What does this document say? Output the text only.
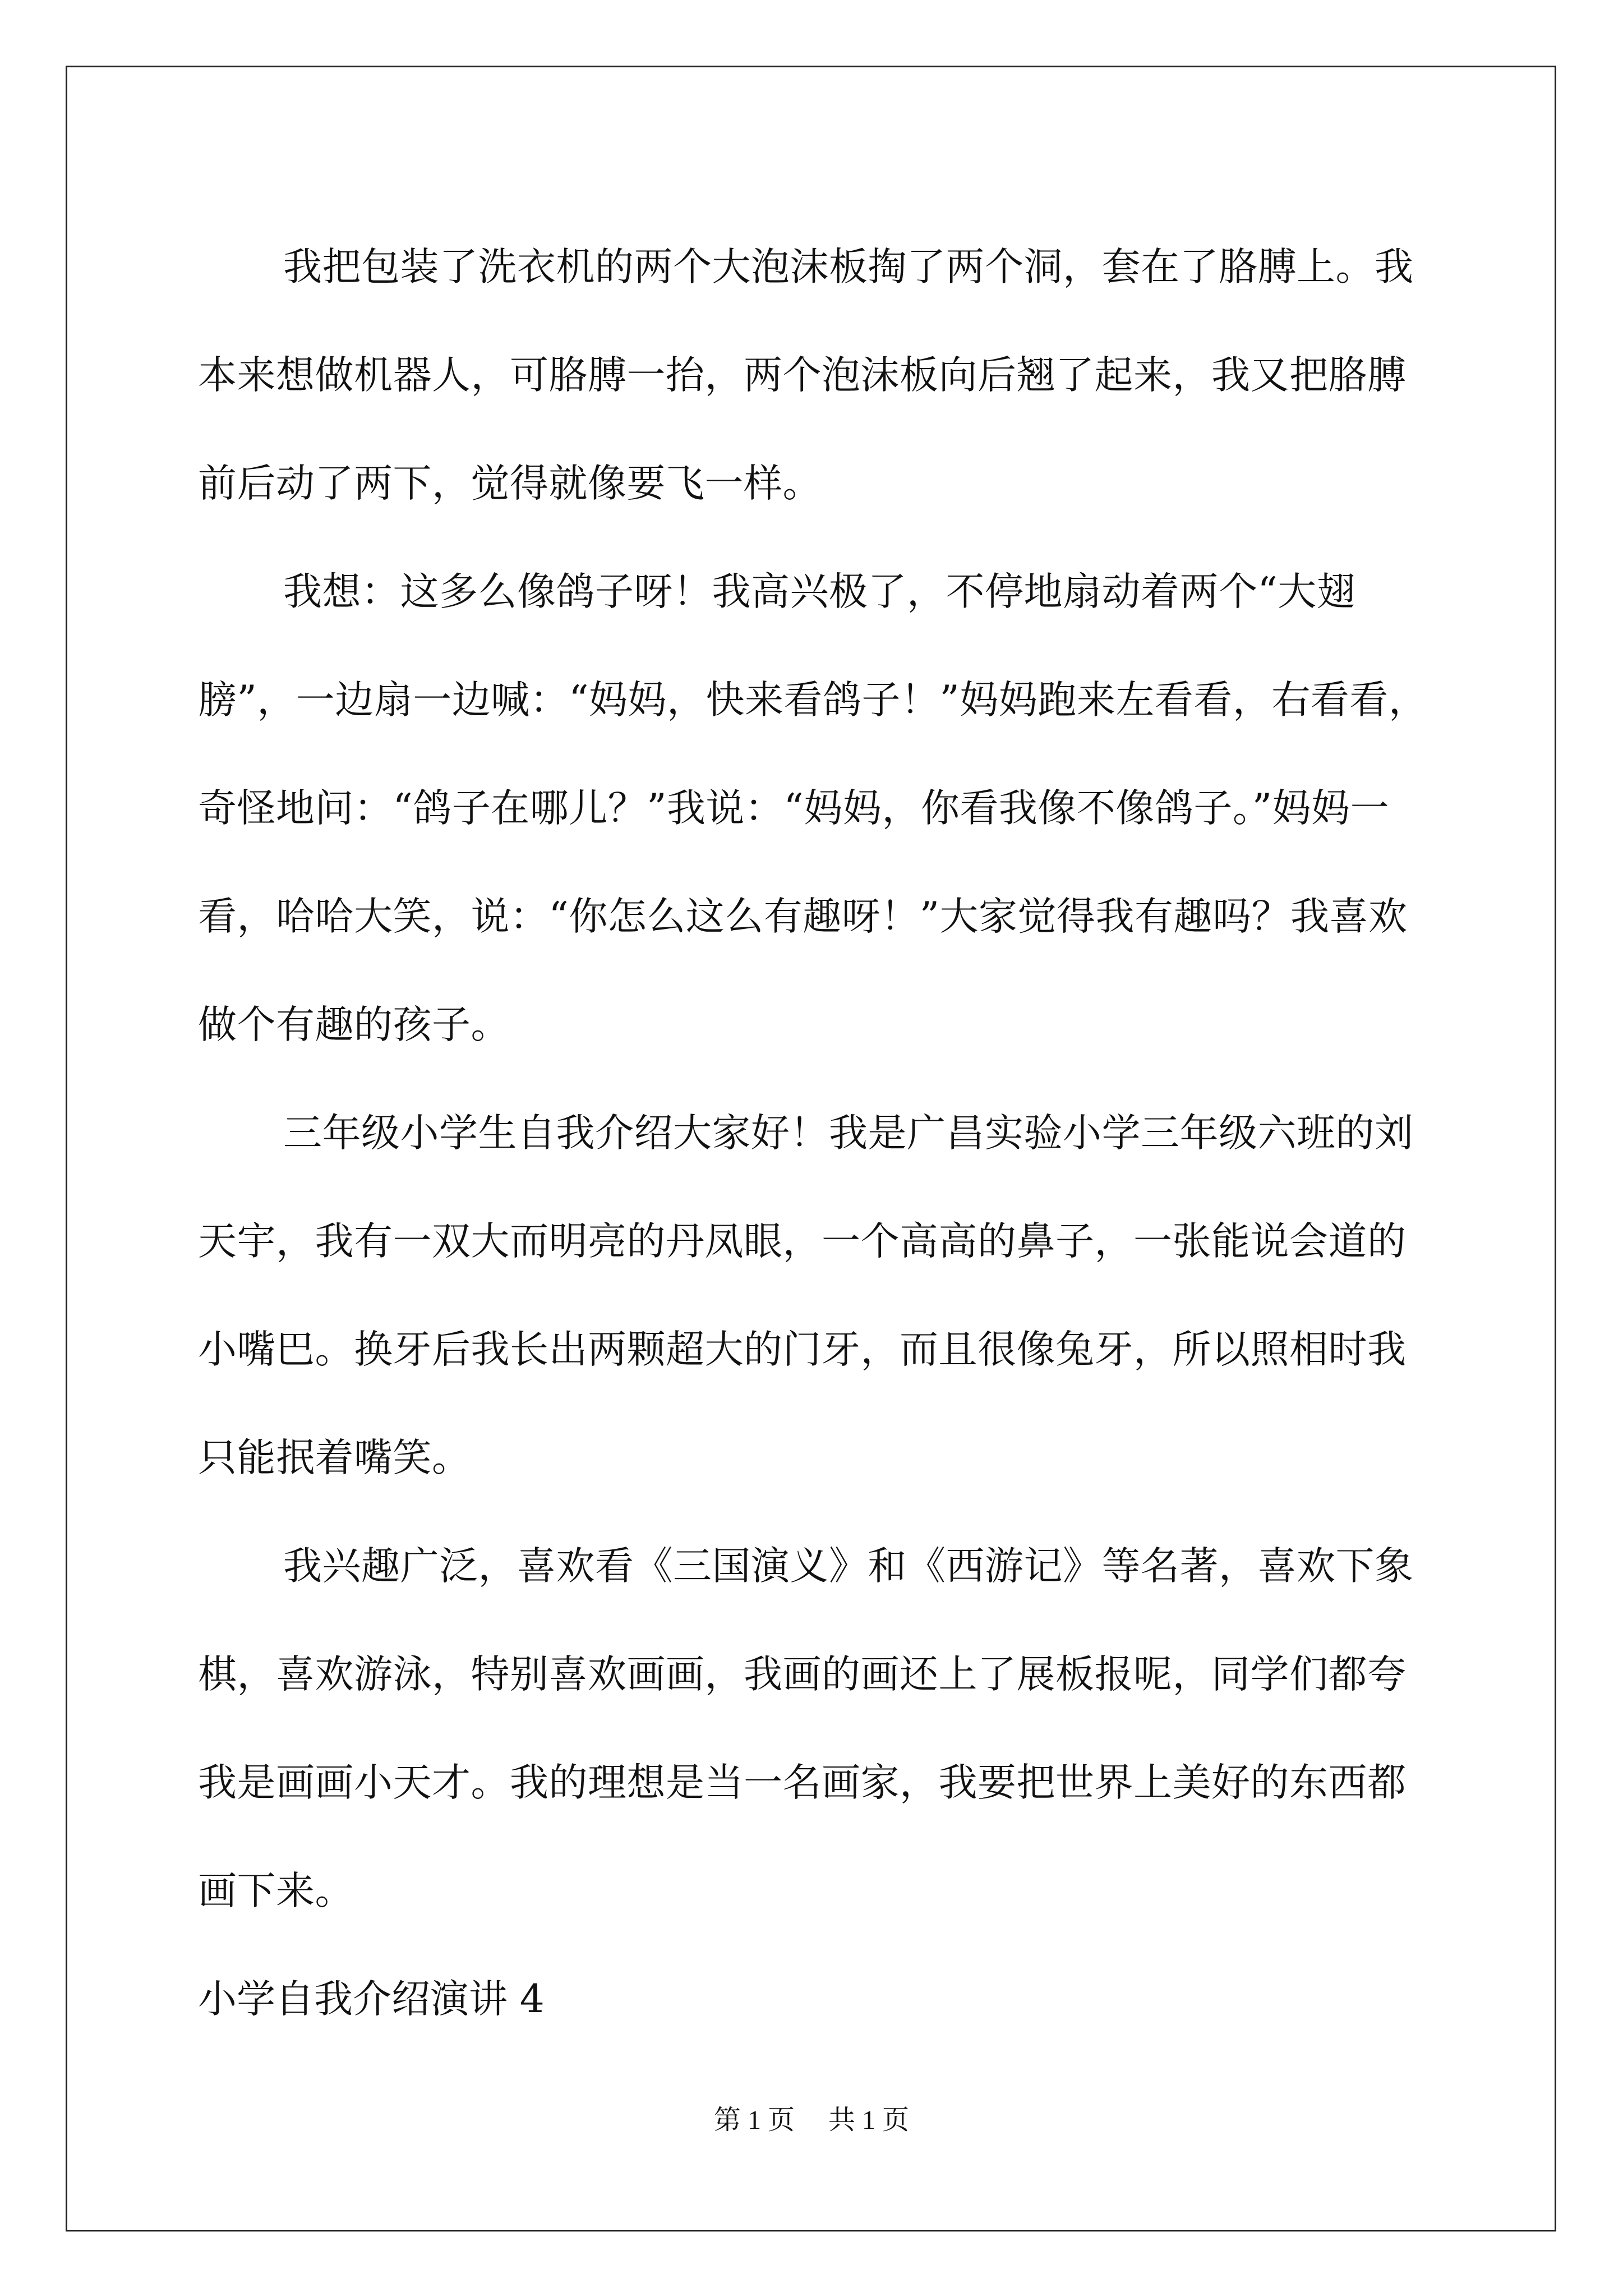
我把包装了洗衣机的两个大泡沫板掏了两个洞，套在了胳膊上。我本来想做机器人，可胳膊一抬，两个泡沫板向后翘了起来，我又把胳膊前后动了两下，觉得就像要飞一样。

我想：这多么像鸽子呀！我高兴极了，不停地扇动着两个“大翅膀”，一边扇一边喊：“妈妈，快来看鸽子！”妈妈跑来左看看，右看看，奇怪地问：“鸽子在哪儿？”我说：“妈妈，你看我像不像鸽子。”妈妈一看，哈哈大笑，说：“你怎么这么有趣呀！”大家觉得我有趣吗？我喜欢做个有趣的孩子。

三年级小学生自我介绍大家好！我是广昌实验小学三年级六班的刘天宇，我有一双大而明亮的丹凤眼，一个高高的鼻子，一张能说会道的小嘴巴。换牙后我长出两颗超大的门牙，而且很像兔牙，所以照相时我只能抿着嘴笑。

我兴趣广泛，喜欢看《三国演义》和《西游记》等名著，喜欢下象棋，喜欢游泳，特别喜欢画画，我画的画还上了展板报呢，同学们都夸我是画画小天才。我的理想是当一名画家，我要把世界上美好的东西都画下来。

小学自我介绍演讲 4

第 1 页 共 1 页
